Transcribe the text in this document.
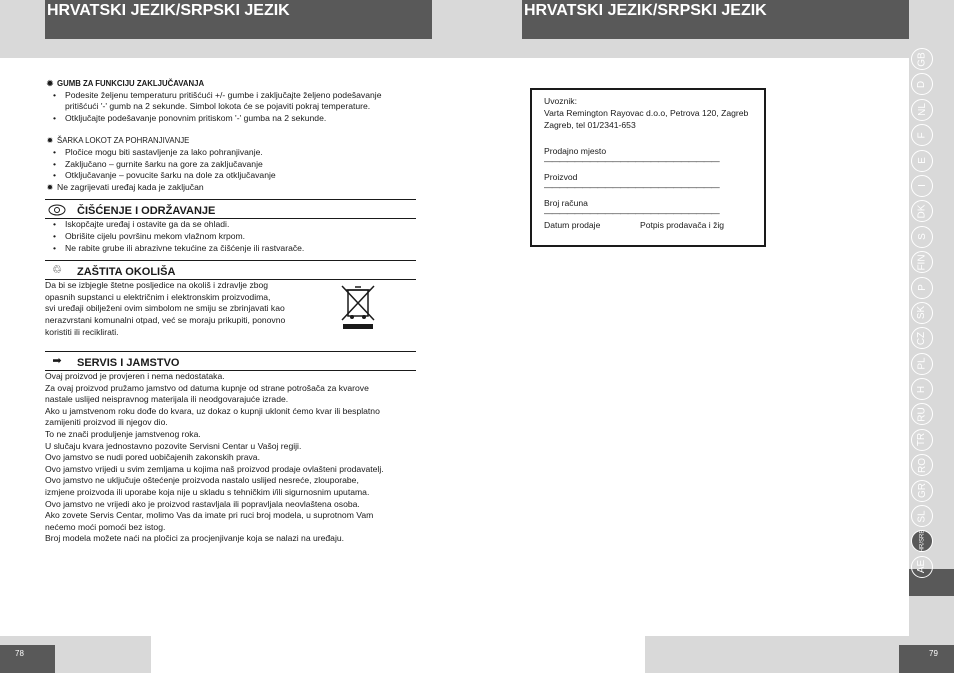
HRVATSKI JEZIK/SRPSKI JEZIK	HRVATSKI JEZIK/SRPSKI JEZIK
GB
D
NL
F
E
I
DK
S
FIN
P
SK
CZ
PL
H
RU
TR
RO
GR
SL
HR/SRB
AE
78	79
✹ GUMB ZA FUNKCIJU ZAKLJUČAVANJA
• Podesite željenu temperaturu pritišćući +/- gumbe i zaključajte željeno podešavanje pritišćući '-' gumb na 2 sekunde. Simbol lokota će se pojaviti pokraj temperature.
• Otključajte podešavanje ponovnim pritiskom '-' gumba na 2 sekunde.
✹ ŠARKA LOKOT ZA POHRANJIVANJE
• Pločice mogu biti sastavljenje za lako pohranjivanje.
• Zaključano – gurnite šarku na gore za zaključavanje
• Otključavanje – povucite šarku na dole za otključavanje
✹ Ne zagrijevati uređaj kada je zaključan
ČIŠĆENJE I ODRŽAVANJE
• Iskopčajte uređaj i ostavite ga da se ohladi.
• Obrišite cijelu površinu mekom vlažnom krpom.
• Ne rabite grube ili abrazivne tekućine za čišćenje ili rastvarače.
♲	ZAŠTITA OKOLIŠA
Da bi se izbjegle štetne posljedice na okoliš i zdravlje zbog
opasnih supstanci u električnim i elektronskim proizvodima,
svi uređaji obilježeni ovim simbolom ne smiju se zbrinjavati kao
nerazvrstani komunalni otpad, već se moraju prikupiti, ponovno
koristiti ili reciklirati.
➡	SERVIS I JAMSTVO
Ovaj proizvod je provjeren i nema nedostataka.
Za ovaj proizvod pružamo jamstvo od datuma kupnje od strane potrošača za kvarove
nastale uslijed neispravnog materijala ili neodgovarajuće izrade.
Ako u jamstvenom roku dođe do kvara, uz dokaz o kupnji uklonit ćemo kvar ili besplatno
zamijeniti proizvod ili njegov dio.
To ne znači produljenje jamstvenog roka.
U slučaju kvara jednostavno pozovite Servisni Centar u Vašoj regiji.
Ovo jamstvo se nudi pored uobičajenih zakonskih prava.
Ovo jamstvo vrijedi u svim zemljama u kojima naš proizvod prodaje ovlašteni prodavatelj.
Ovo jamstvo ne uključuje oštećenje proizvoda nastalo uslijed nesreće, zlouporabe,
izmjene proizvoda ili uporabe koja nije u skladu s tehničkim i/ili sigurnosnim uputama.
Ovo jamstvo ne vrijedi ako je proizvod rastavljala ili popravljala neovlaštena osoba.
Ako zovete Servis Centar, molimo Vas da imate pri ruci broj modela, u suprotnom Vam
nećemo moći pomoći bez istog.
Broj modela možete naći na pločici za procjenjivanje koja se nalazi na uređaju.
Uvoznik:
Varta Remington Rayovac d.o.o, Petrova 120, Zagreb
Zagreb, tel 01/2341-653
Prodajno mjesto
———————————————————————
Proizvod
———————————————————————
Broj računa
———————————————————————
Datum prodaje	Potpis prodavača i žig
